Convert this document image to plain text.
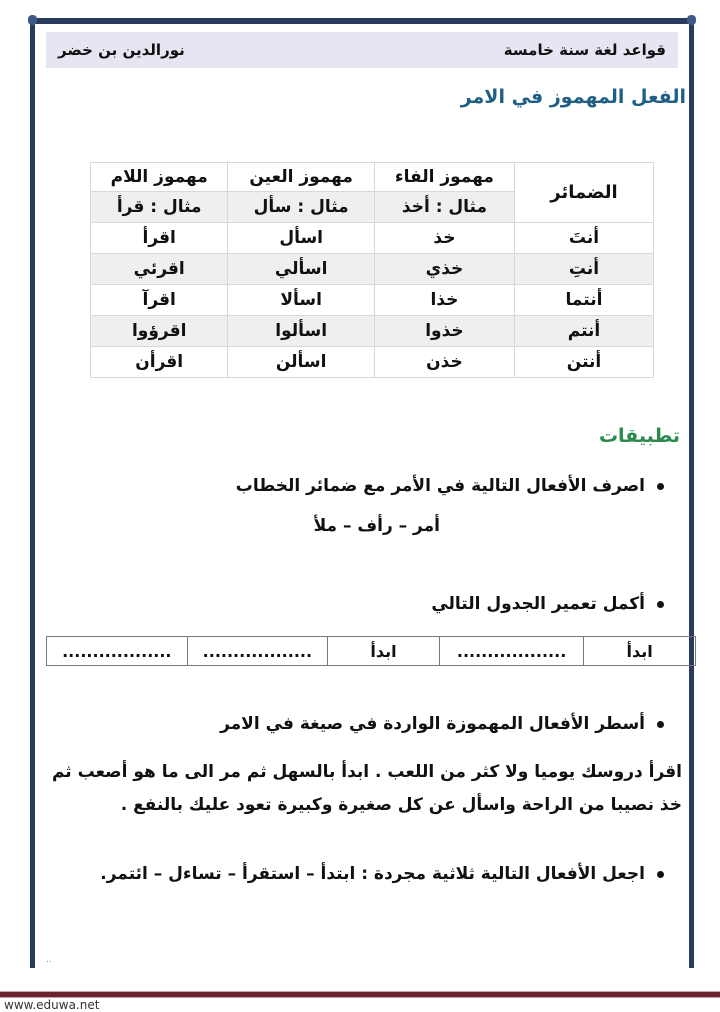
قواعد لغة سنة خامسة
نورالدين بن خضر
الفعل المهموز في الامر
الضمائر	مهموز الفاء	مهموز العين	مهموز اللام
	مثال : أخذ	مثال : سأل	مثال : قرأ
أنتَ	خذ	اسأل	اقرأ
أنتِ	خذي	اسألي	اقرئي
أنتما	خذا	اسألا	اقرآ
أنتم	خذوا	اسألوا	اقرؤوا
أنتن	خذن	اسألن	اقرأن
تطبيقات
اصرف الأفعال التالية في الأمر مع ضمائر الخطاب
أمر – رأف – ملأ
أكمل تعمير الجدول التالي
ابدأ	..................	ابدأ	..................	..................
أسطر الأفعال المهموزة الواردة في صيغة في الامر
اقرأ دروسك يوميا ولا كثر من اللعب . ابدأ بالسهل ثم مر الى ما هو أصعب ثم
خذ نصيبا من الراحة واسأل عن كل صغيرة وكبيرة تعود عليك بالنفع .
اجعل الأفعال التالية ثلاثية مجردة : ابتدأ – استقرأ – تساءل – ائتمر.
..
www.eduwa.net
